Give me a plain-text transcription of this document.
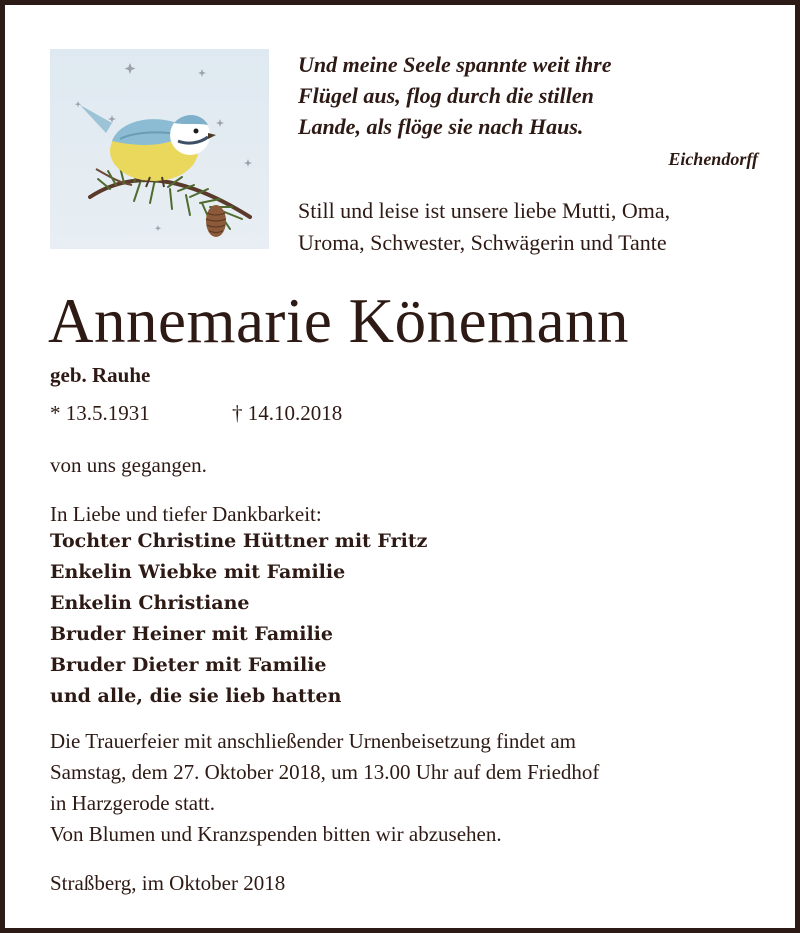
Und meine Seele spannte weit ihre
Flügel aus, flog durch die stillen
Lande, als flöge sie nach Haus.
Eichendorff
Still und leise ist unsere liebe Mutti, Oma,
Uroma, Schwester, Schwägerin und Tante
Annemarie Könemann
geb. Rauhe
* 13.5.1931	† 14.10.2018
von uns gegangen.
In Liebe und tiefer Dankbarkeit:
Tochter Christine Hüttner mit Fritz
Enkelin Wiebke mit Familie
Enkelin Christiane
Bruder Heiner mit Familie
Bruder Dieter mit Familie
und alle, die sie lieb hatten
Die Trauerfeier mit anschließender Urnenbeisetzung findet am
Samstag, dem 27. Oktober 2018, um 13.00 Uhr auf dem Friedhof
in Harzgerode statt.
Von Blumen und Kranzspenden bitten wir abzusehen.
Straßberg, im Oktober 2018
